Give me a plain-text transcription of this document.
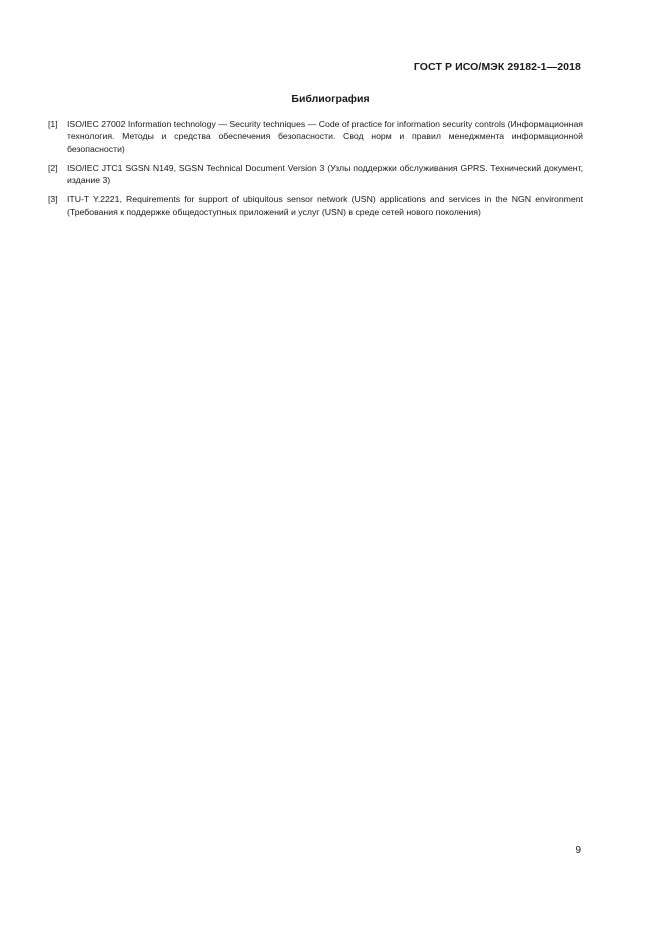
ГОСТ Р ИСО/МЭК 29182-1—2018
Библиография
[1]	ISO/IEC 27002 Information technology — Security techniques — Code of practice for information security controls (Информационная технология. Методы и средства обеспечения безопасности. Свод норм и правил менеджмента информационной безопасности)
[2]	ISO/IEC JTC1 SGSN N149, SGSN Technical Document Version 3 (Узлы поддержки обслуживания GPRS. Технический документ, издание 3)
[3]	ITU-T Y.2221, Requirements for support of ubiquitous sensor network (USN) applications and services in the NGN environment (Требования к поддержке общедоступных приложений и услуг (USN) в среде сетей нового поколения)
9
